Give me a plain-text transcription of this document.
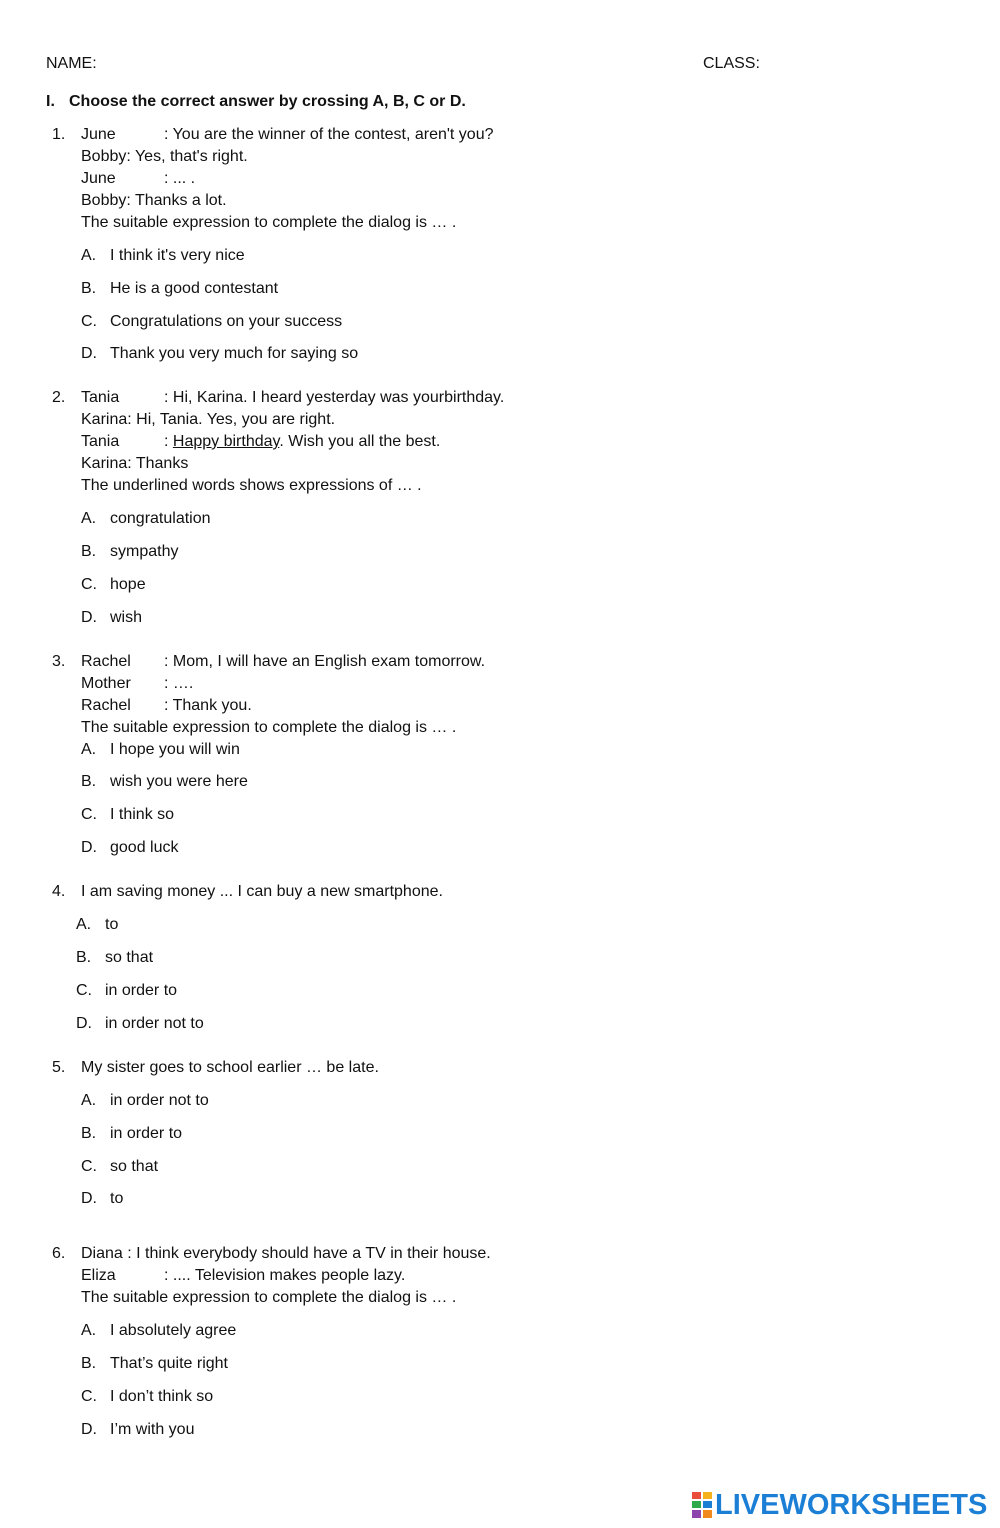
NAME:	CLASS:
I. Choose the correct answer by crossing A, B, C or D.
1. June	: You are the winner of the contest, aren't you?
Bobby: Yes, that's right.
June	: ... .
Bobby: Thanks a lot.
The suitable expression to complete the dialog is … .
A. I think it's very nice
B. He is a good contestant
C. Congratulations on your success
D. Thank you very much for saying so
2. Tania	: Hi, Karina. I heard yesterday was yourbirthday.
Karina: Hi, Tania. Yes, you are right.
Tania	: Happy birthday. Wish you all the best.
Karina: Thanks
The underlined words shows expressions of … .
A. congratulation
B. sympathy
C. hope
D. wish
3. Rachel : Mom, I will have an English exam tomorrow.
Mother : ….
Rachel : Thank you.
The suitable expression to complete the dialog is … .
A. I hope you will win
B. wish you were here
C. I think so
D. good luck
4. I am saving money ... I can buy a new smartphone.
A. to
B. so that
C. in order to
D. in order not to
5. My sister goes to school earlier … be late.
A. in order not to
B. in order to
C. so that
D. to
6. Diana : I think everybody should have a TV in their house.
Eliza	: .... Television makes people lazy.
The suitable expression to complete the dialog is … .
A. I absolutely agree
B. That’s quite right
C. I don’t think so
D. I’m with you
LIVEWORKSHEETS
